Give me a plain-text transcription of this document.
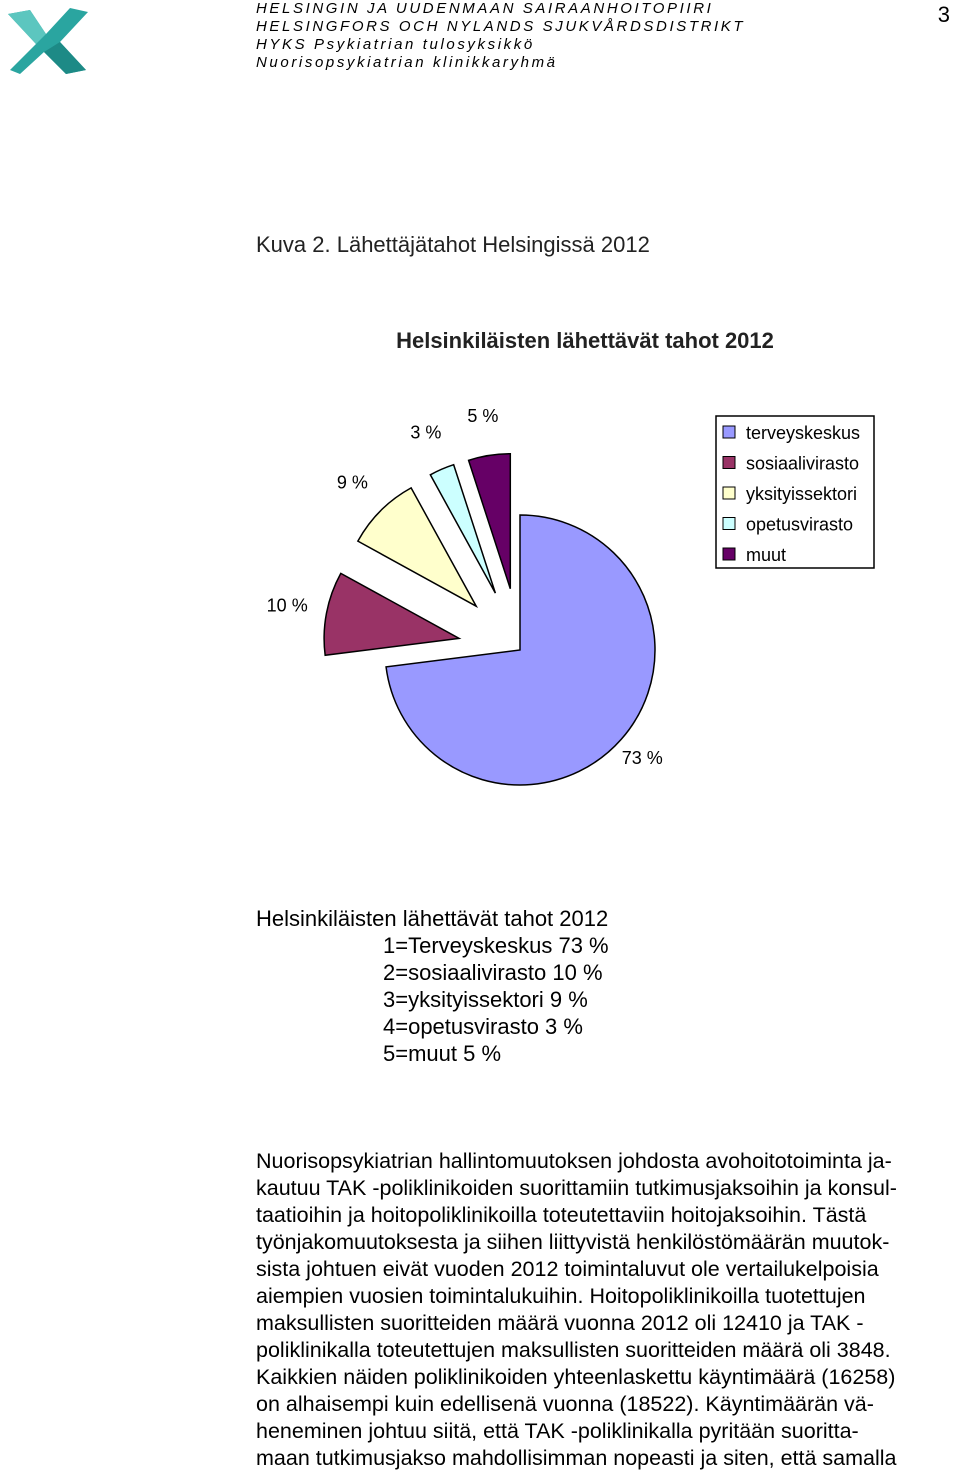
HELSINGIN JA UUDENMAAN SAIRAANHOITOPIIRI
HELSINGFORS OCH NYLANDS SJUKVÅRDSDISTRIKT
HYKS Psykiatrian tulosyksikkö
Nuorisopsykiatrian klinikkaryhmä
3
Kuva 2. Lähettäjätahot Helsingissä 2012
Helsinkiläisten lähettävät tahot 2012
73 %
10 %
9 %
3 %
5 %
terveyskeskus
sosiaalivirasto
yksityissektori
opetusvirasto
muut
Helsinkiläisten lähettävät tahot 2012
1=Terveyskeskus 73 %
2=sosiaalivirasto 10 %
3=yksityissektori 9 %
4=opetusvirasto 3 %
5=muut 5 %
Nuorisopsykiatrian hallintomuutoksen johdosta avohoitotoiminta ja-
kautuu TAK -poliklinikoiden suorittamiin tutkimusjaksoihin ja konsul-
taatioihin ja hoitopoliklinikoilla toteutettaviin hoitojaksoihin. Tästä
työnjakomuutoksesta ja siihen liittyvistä henkilöstömäärän muutok-
sista johtuen eivät vuoden 2012 toimintaluvut ole vertailukelpoisia
aiempien vuosien toimintalukuihin. Hoitopoliklinikoilla tuotettujen
maksullisten suoritteiden määrä vuonna 2012 oli 12410 ja TAK -
poliklinikalla toteutettujen maksullisten suoritteiden määrä oli 3848.
Kaikkien näiden poliklinikoiden yhteenlaskettu käyntimäärä (16258)
on alhaisempi kuin edellisenä vuonna (18522). Käyntimäärän vä-
heneminen johtuu siitä, että TAK -poliklinikalla pyritään suoritta-
maan tutkimusjakso mahdollisimman nopeasti ja siten, että samalla
